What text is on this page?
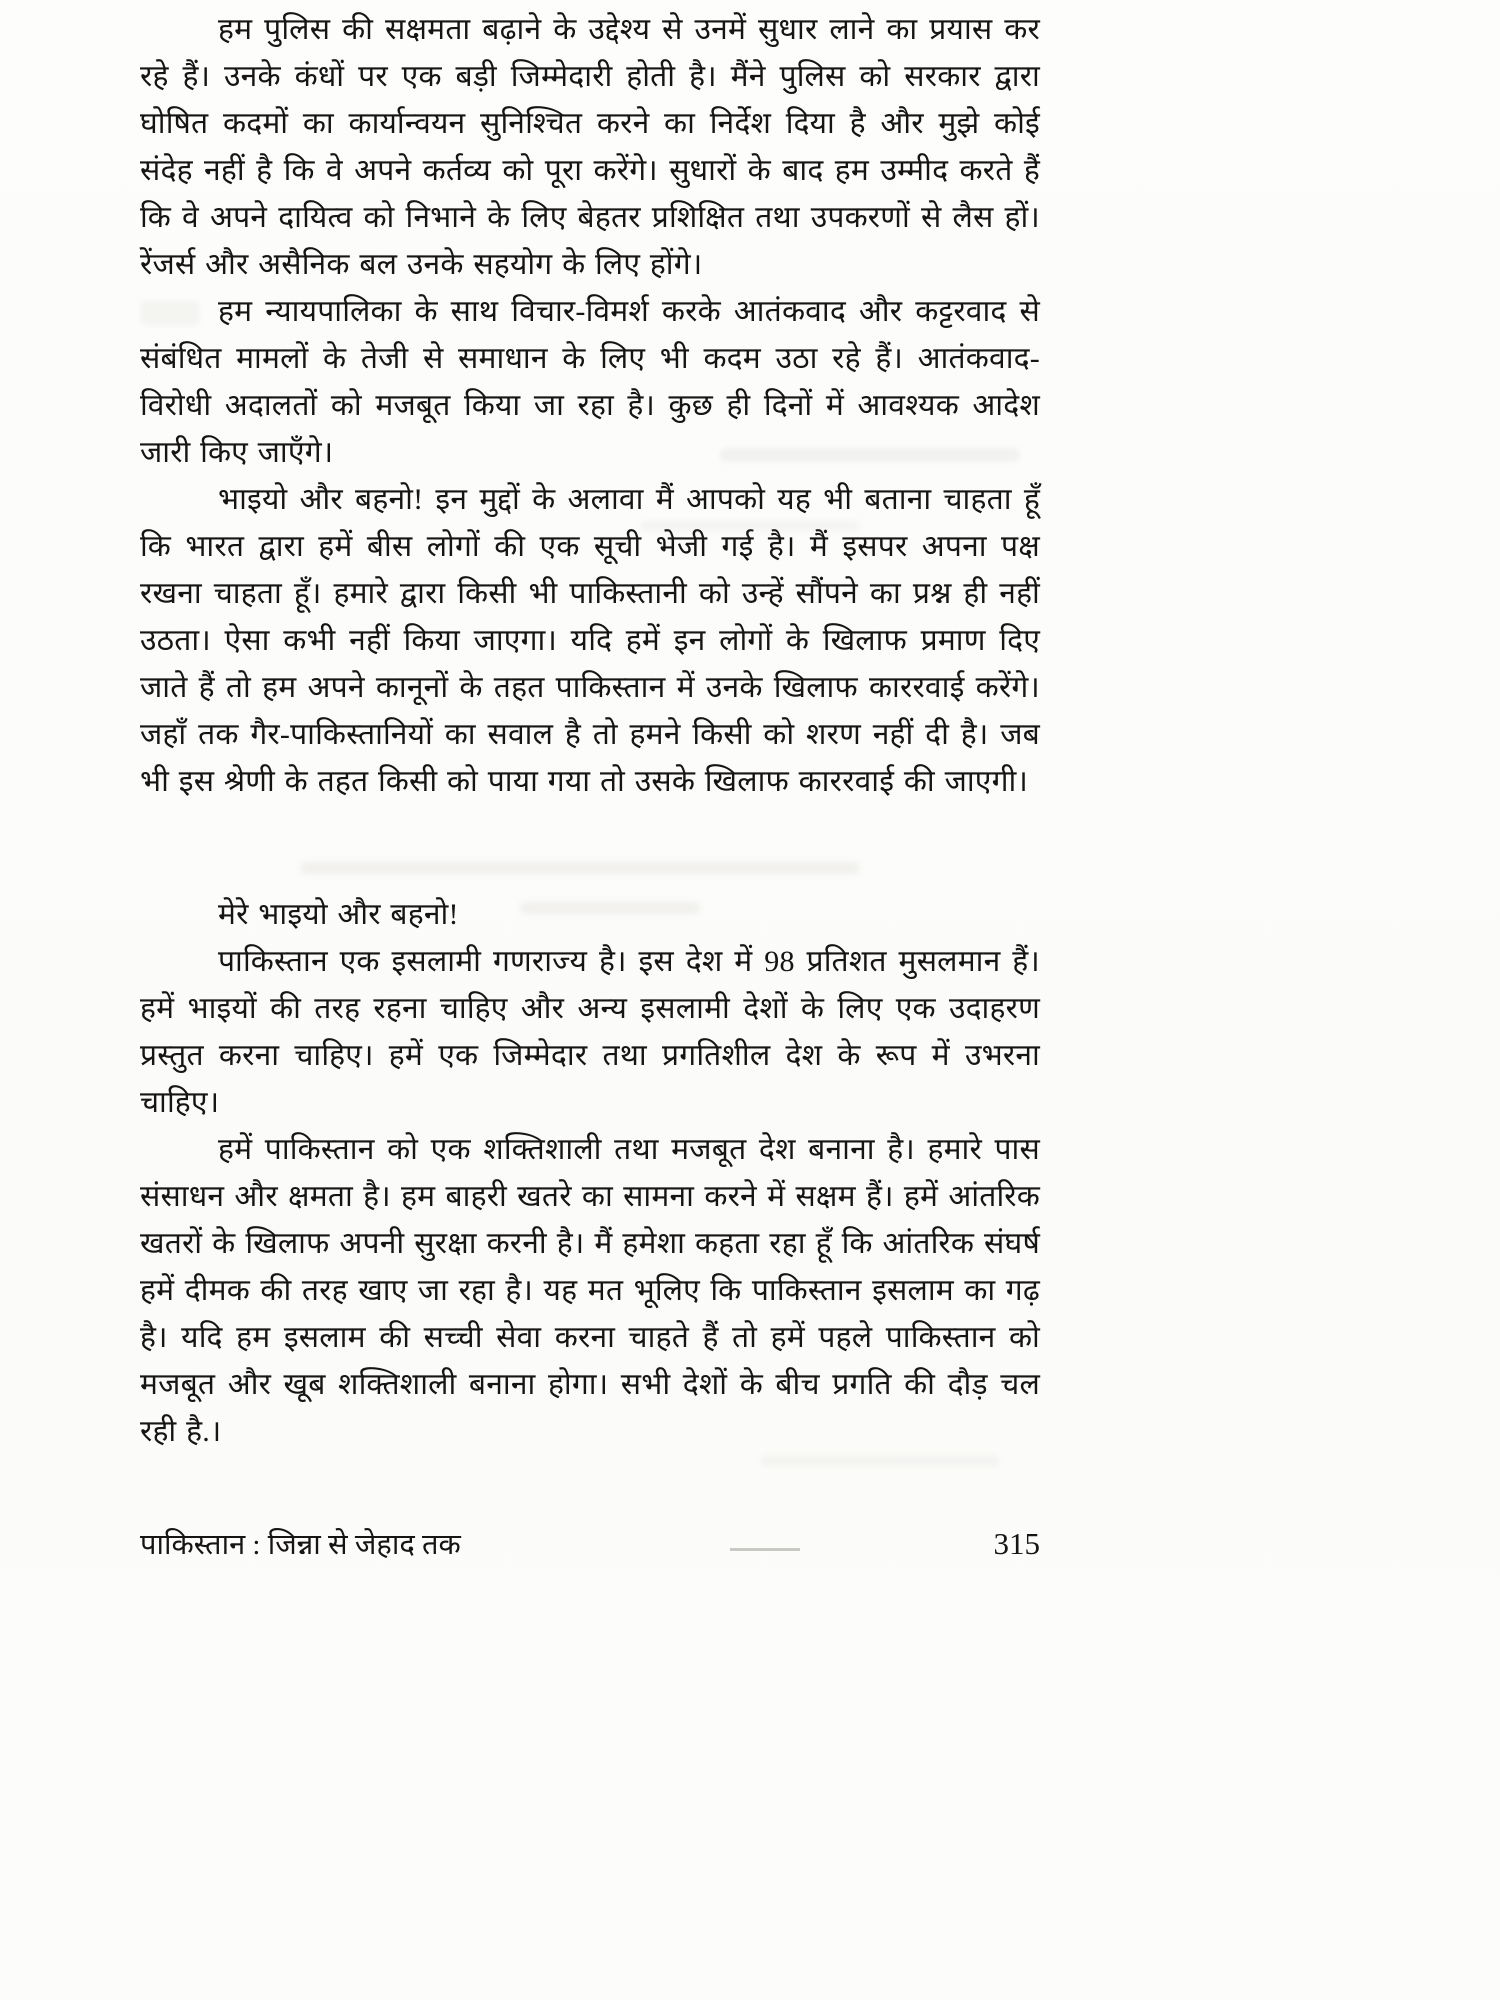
हम पुलिस की सक्षमता बढ़ाने के उद्देश्य से उनमें सुधार लाने का प्रयास कर रहे हैं। उनके कंधों पर एक बड़ी जिम्मेदारी होती है। मैंने पुलिस को सरकार द्वारा घोषित कदमों का कार्यान्वयन सुनिश्चित करने का निर्देश दिया है और मुझे कोई संदेह नहीं है कि वे अपने कर्तव्य को पूरा करेंगे। सुधारों के बाद हम उम्मीद करते हैं कि वे अपने दायित्व को निभाने के लिए बेहतर प्रशिक्षित तथा उपकरणों से लैस हों। रेंजर्स और असैनिक बल उनके सहयोग के लिए होंगे।

हम न्यायपालिका के साथ विचार-विमर्श करके आतंकवाद और कट्टरवाद से संबंधित मामलों के तेजी से समाधान के लिए भी कदम उठा रहे हैं। आतंकवाद-विरोधी अदालतों को मजबूत किया जा रहा है। कुछ ही दिनों में आवश्यक आदेश जारी किए जाएँगे।

भाइयो और बहनो! इन मुद्दों के अलावा मैं आपको यह भी बताना चाहता हूँ कि भारत द्वारा हमें बीस लोगों की एक सूची भेजी गई है। मैं इसपर अपना पक्ष रखना चाहता हूँ। हमारे द्वारा किसी भी पाकिस्तानी को उन्हें सौंपने का प्रश्न ही नहीं उठता। ऐसा कभी नहीं किया जाएगा। यदि हमें इन लोगों के खिलाफ प्रमाण दिए जाते हैं तो हम अपने कानूनों के तहत पाकिस्तान में उनके खिलाफ काररवाई करेंगे। जहाँ तक गैर-पाकिस्तानियों का सवाल है तो हमने किसी को शरण नहीं दी है। जब भी इस श्रेणी के तहत किसी को पाया गया तो उसके खिलाफ काररवाई की जाएगी।

मेरे भाइयो और बहनो!

पाकिस्तान एक इसलामी गणराज्य है। इस देश में 98 प्रतिशत मुसलमान हैं। हमें भाइयों की तरह रहना चाहिए और अन्य इसलामी देशों के लिए एक उदाहरण प्रस्तुत करना चाहिए। हमें एक जिम्मेदार तथा प्रगतिशील देश के रूप में उभरना चाहिए।

हमें पाकिस्तान को एक शक्तिशाली तथा मजबूत देश बनाना है। हमारे पास संसाधन और क्षमता है। हम बाहरी खतरे का सामना करने में सक्षम हैं। हमें आंतरिक खतरों के खिलाफ अपनी सुरक्षा करनी है। मैं हमेशा कहता रहा हूँ कि आंतरिक संघर्ष हमें दीमक की तरह खाए जा रहा है। यह मत भूलिए कि पाकिस्तान इसलाम का गढ़ है। यदि हम इसलाम की सच्ची सेवा करना चाहते हैं तो हमें पहले पाकिस्तान को मजबूत और खूब शक्तिशाली बनाना होगा। सभी देशों के बीच प्रगति की दौड़ चल रही है.।

पाकिस्तान : जिन्ना से जेहाद तक	315
